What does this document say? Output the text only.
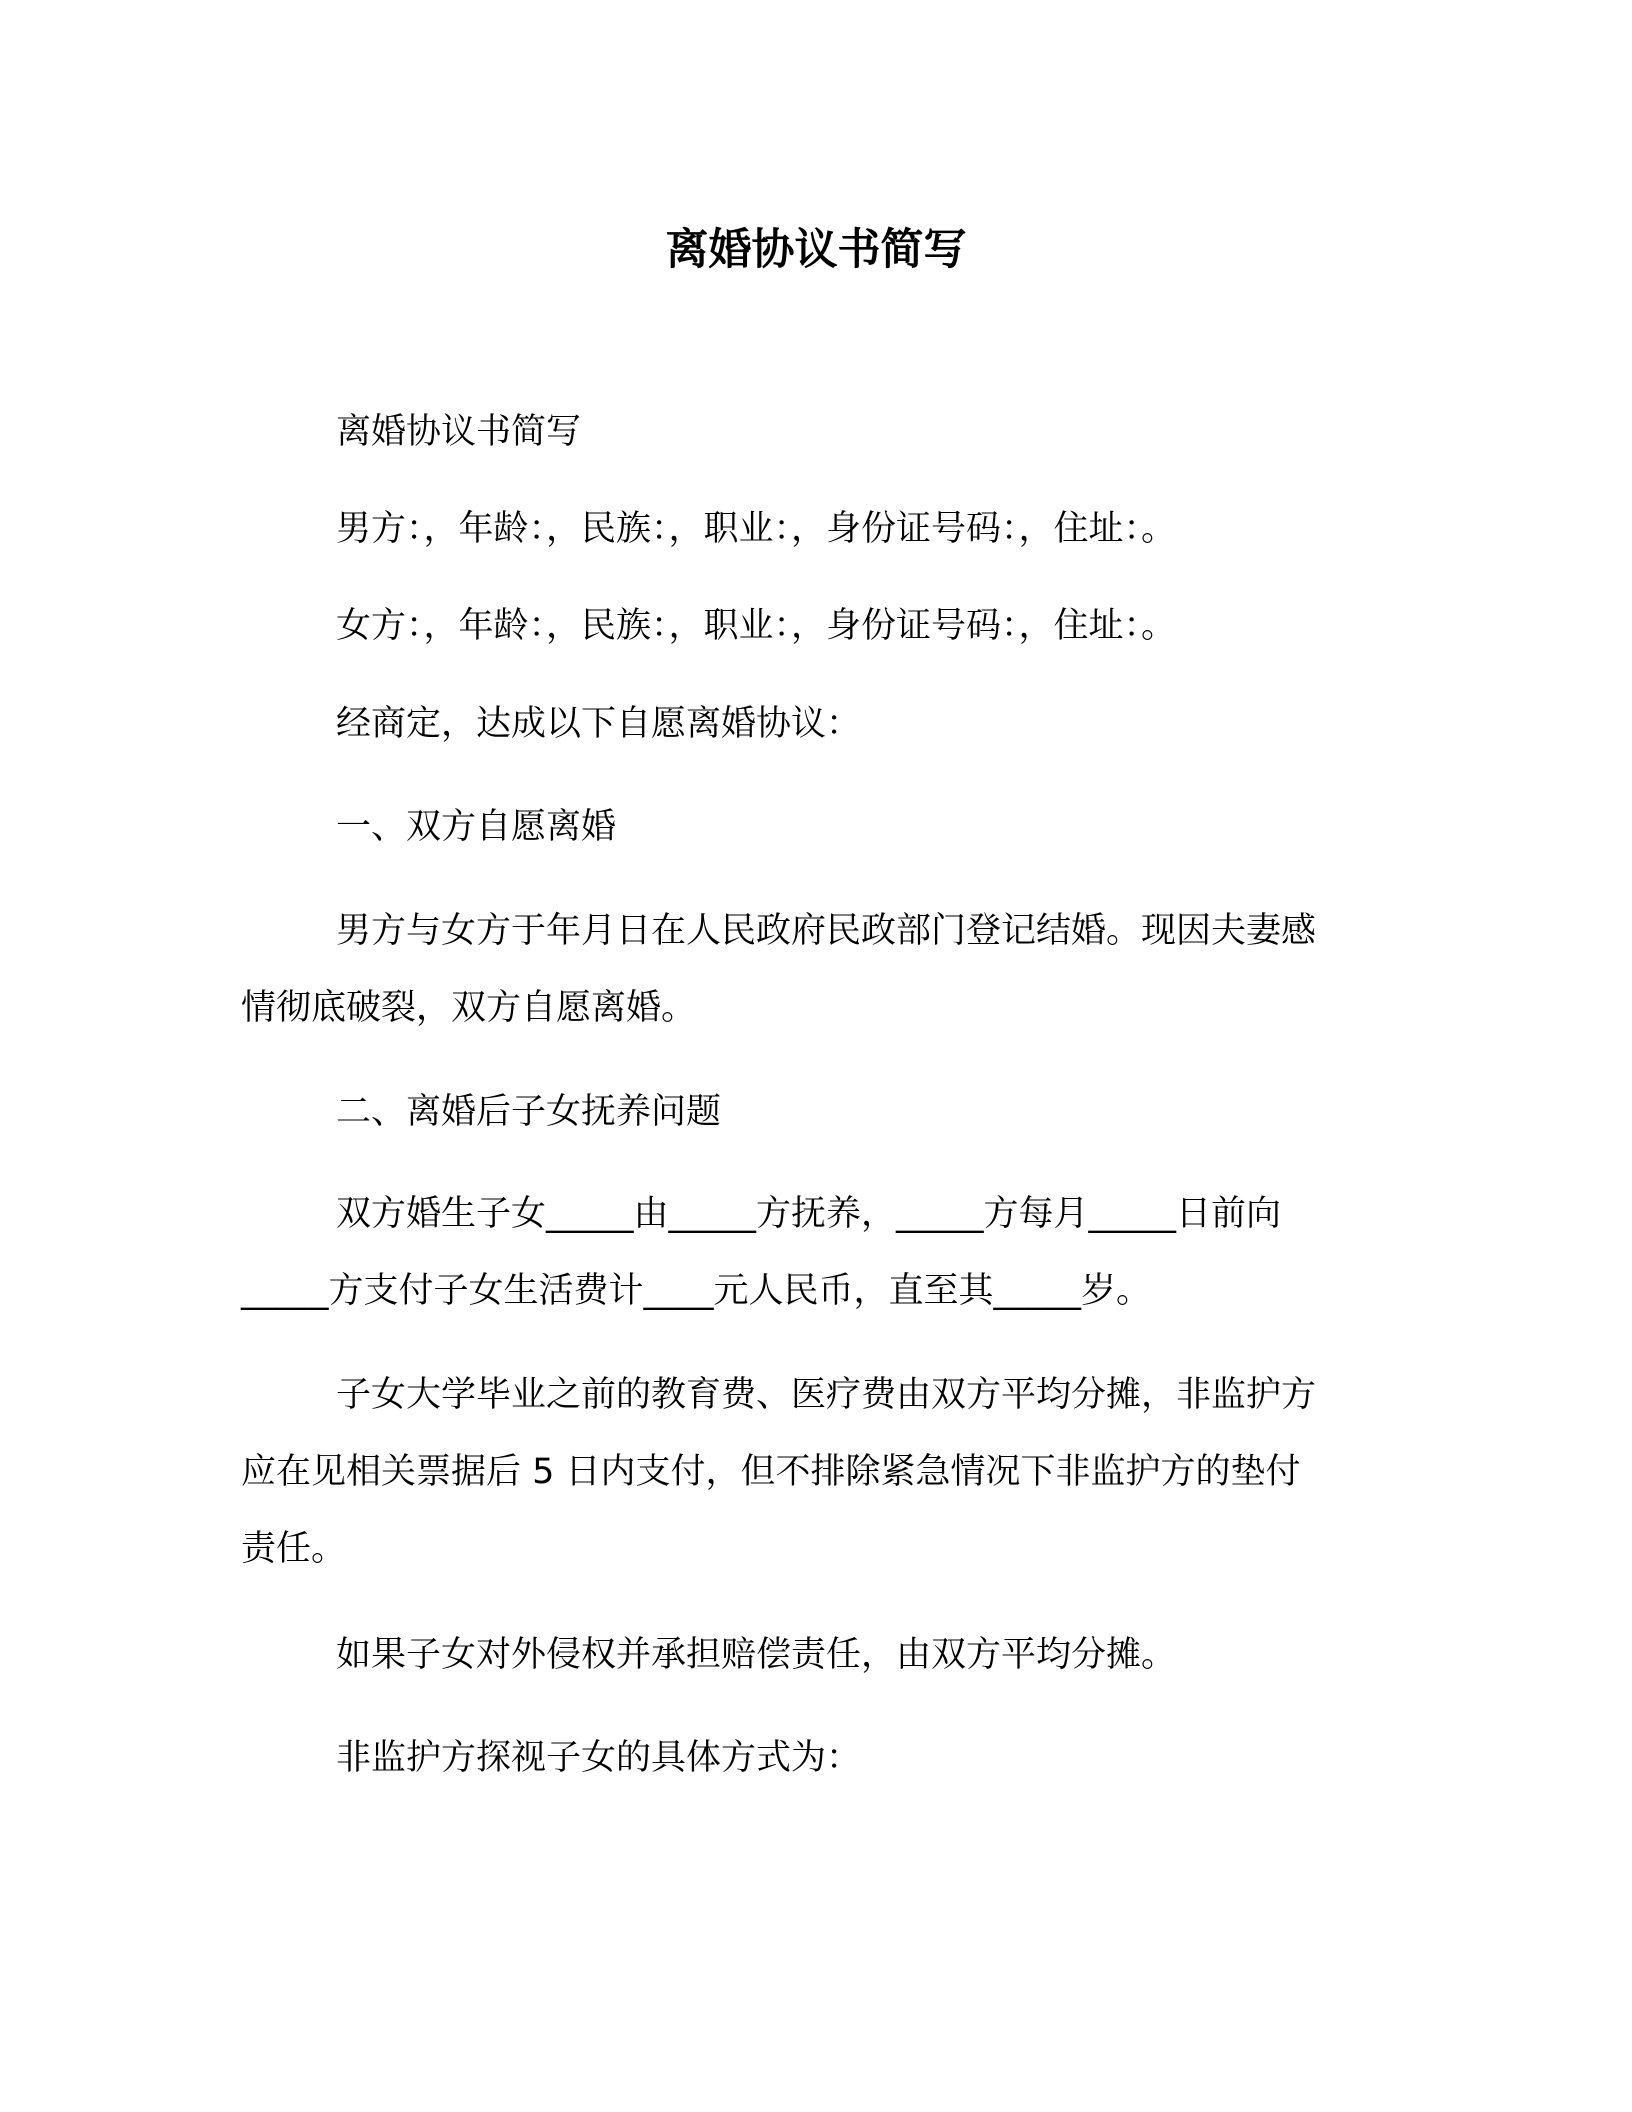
离婚协议书简写
离婚协议书简写
男方：，年龄：，民族：，职业：，身份证号码：，住址：。
女方：，年龄：，民族：，职业：，身份证号码：，住址：。
经商定，达成以下自愿离婚协议：
一、双方自愿离婚
男方与女方于年月日在人民政府民政部门登记结婚。现因夫妻感
情彻底破裂，双方自愿离婚。
二、离婚后子女抚养问题
双方婚生子女_____由_____方抚养，_____方每月_____日前向
_____方支付子女生活费计____元人民币，直至其_____岁。
子女大学毕业之前的教育费、医疗费由双方平均分摊，非监护方
应在见相关票据后 5 日内支付，但不排除紧急情况下非监护方的垫付
责任。
如果子女对外侵权并承担赔偿责任，由双方平均分摊。
非监护方探视子女的具体方式为：
